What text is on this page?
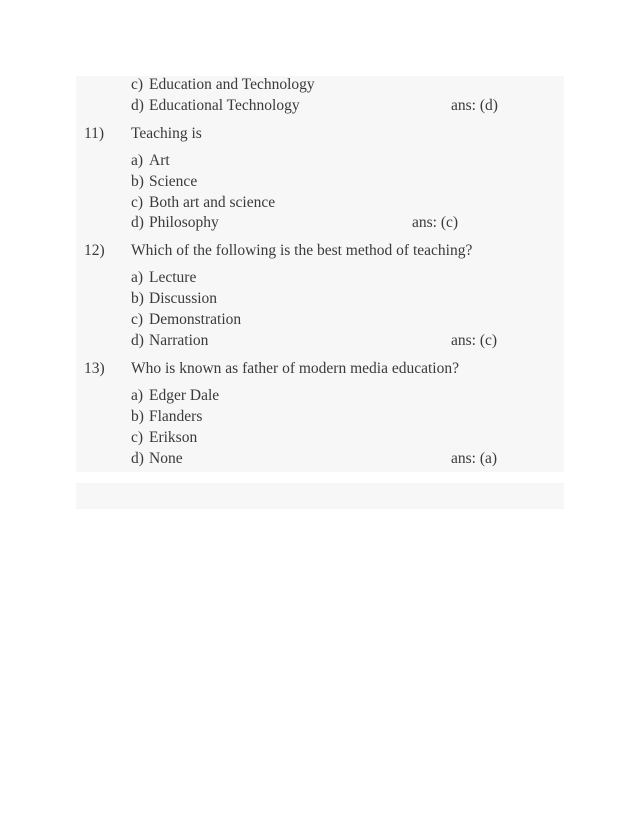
c) Education and Technology
d) Educational Technology	ans: (d)
11) Teaching is
a) Art
b) Science
c) Both art and science
d) Philosophy	ans: (c)
12) Which of the following is the best method of teaching?
a) Lecture
b) Discussion
c) Demonstration
d) Narration	ans: (c)
13) Who is known as father of modern media education?
a) Edger Dale
b) Flanders
c) Erikson
d) None	ans: (a)
